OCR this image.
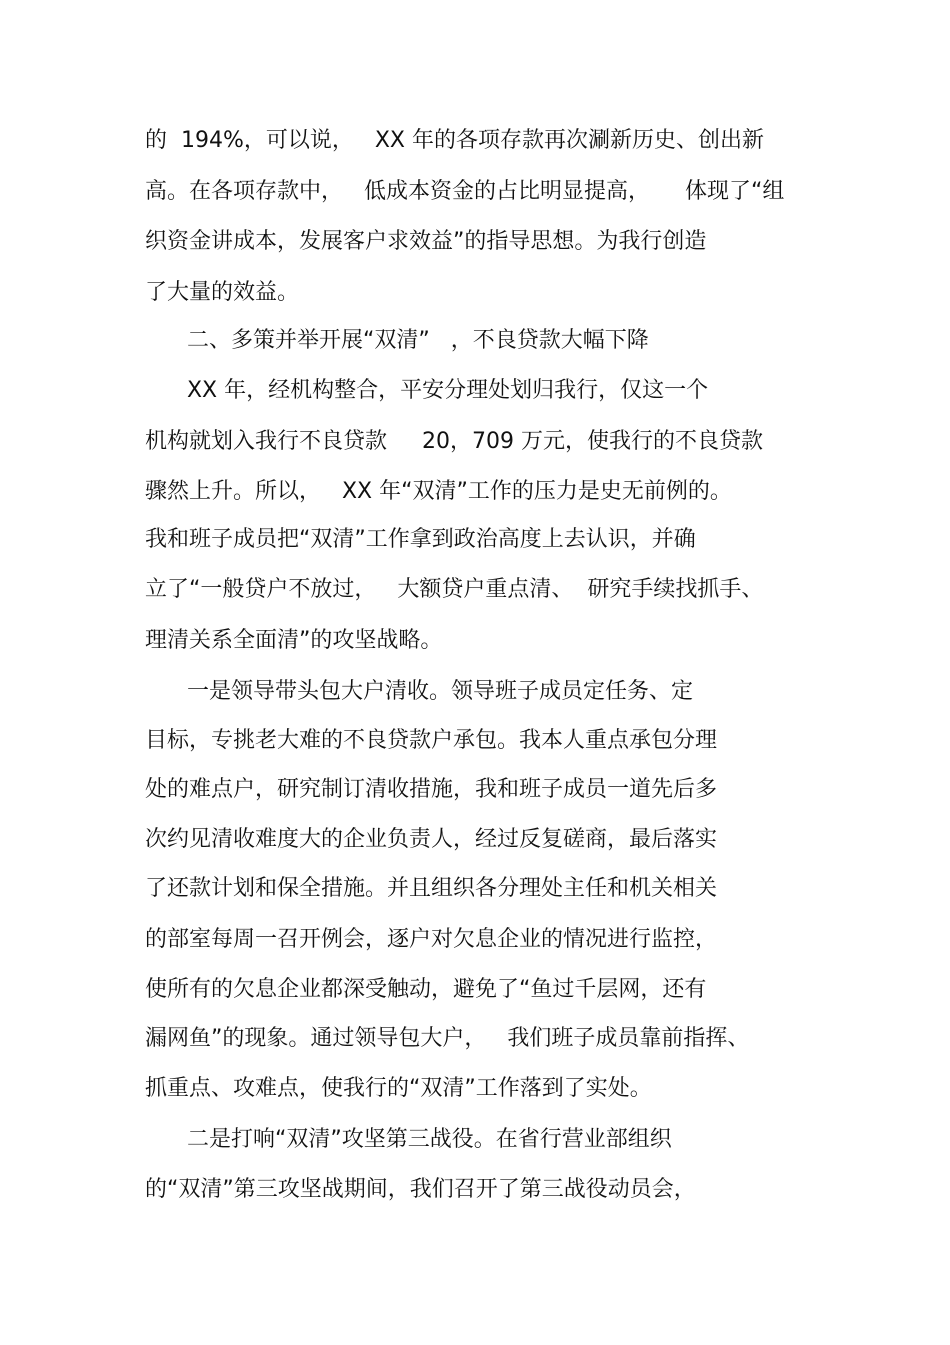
的  194%，可以说，   XX 年的各项存款再次涮新历史、创出新
高。在各项存款中，   低成本资金的占比明显提高，     体现了“组
织资金讲成本，发展客户求效益”的指导思想。为我行创造
了大量的效益。
二、多策并举开展“双清”   ，不良贷款大幅下降
XX 年，经机构整合，平安分理处划归我行，仅这一个
机构就划入我行不良贷款     20，709 万元，使我行的不良贷款
骤然上升。所以，   XX 年“双清”工作的压力是史无前例的。
我和班子成员把“双清”工作拿到政治高度上去认识，并确
立了“一般贷户不放过，   大额贷户重点清、  研究手续找抓手、
理清关系全面清”的攻坚战略。
一是领导带头包大户清收。领导班子成员定任务、定
目标，专挑老大难的不良贷款户承包。我本人重点承包分理
处的难点户，研究制订清收措施，我和班子成员一道先后多
次约见清收难度大的企业负责人，经过反复磋商，最后落实
了还款计划和保全措施。并且组织各分理处主任和机关相关
的部室每周一召开例会，逐户对欠息企业的情况进行监控，
使所有的欠息企业都深受触动，避免了“鱼过千层网，还有
漏网鱼”的现象。通过领导包大户，   我们班子成员靠前指挥、
抓重点、攻难点，使我行的“双清”工作落到了实处。
二是打响“双清”攻坚第三战役。在省行营业部组织
的“双清”第三攻坚战期间，我们召开了第三战役动员会，
